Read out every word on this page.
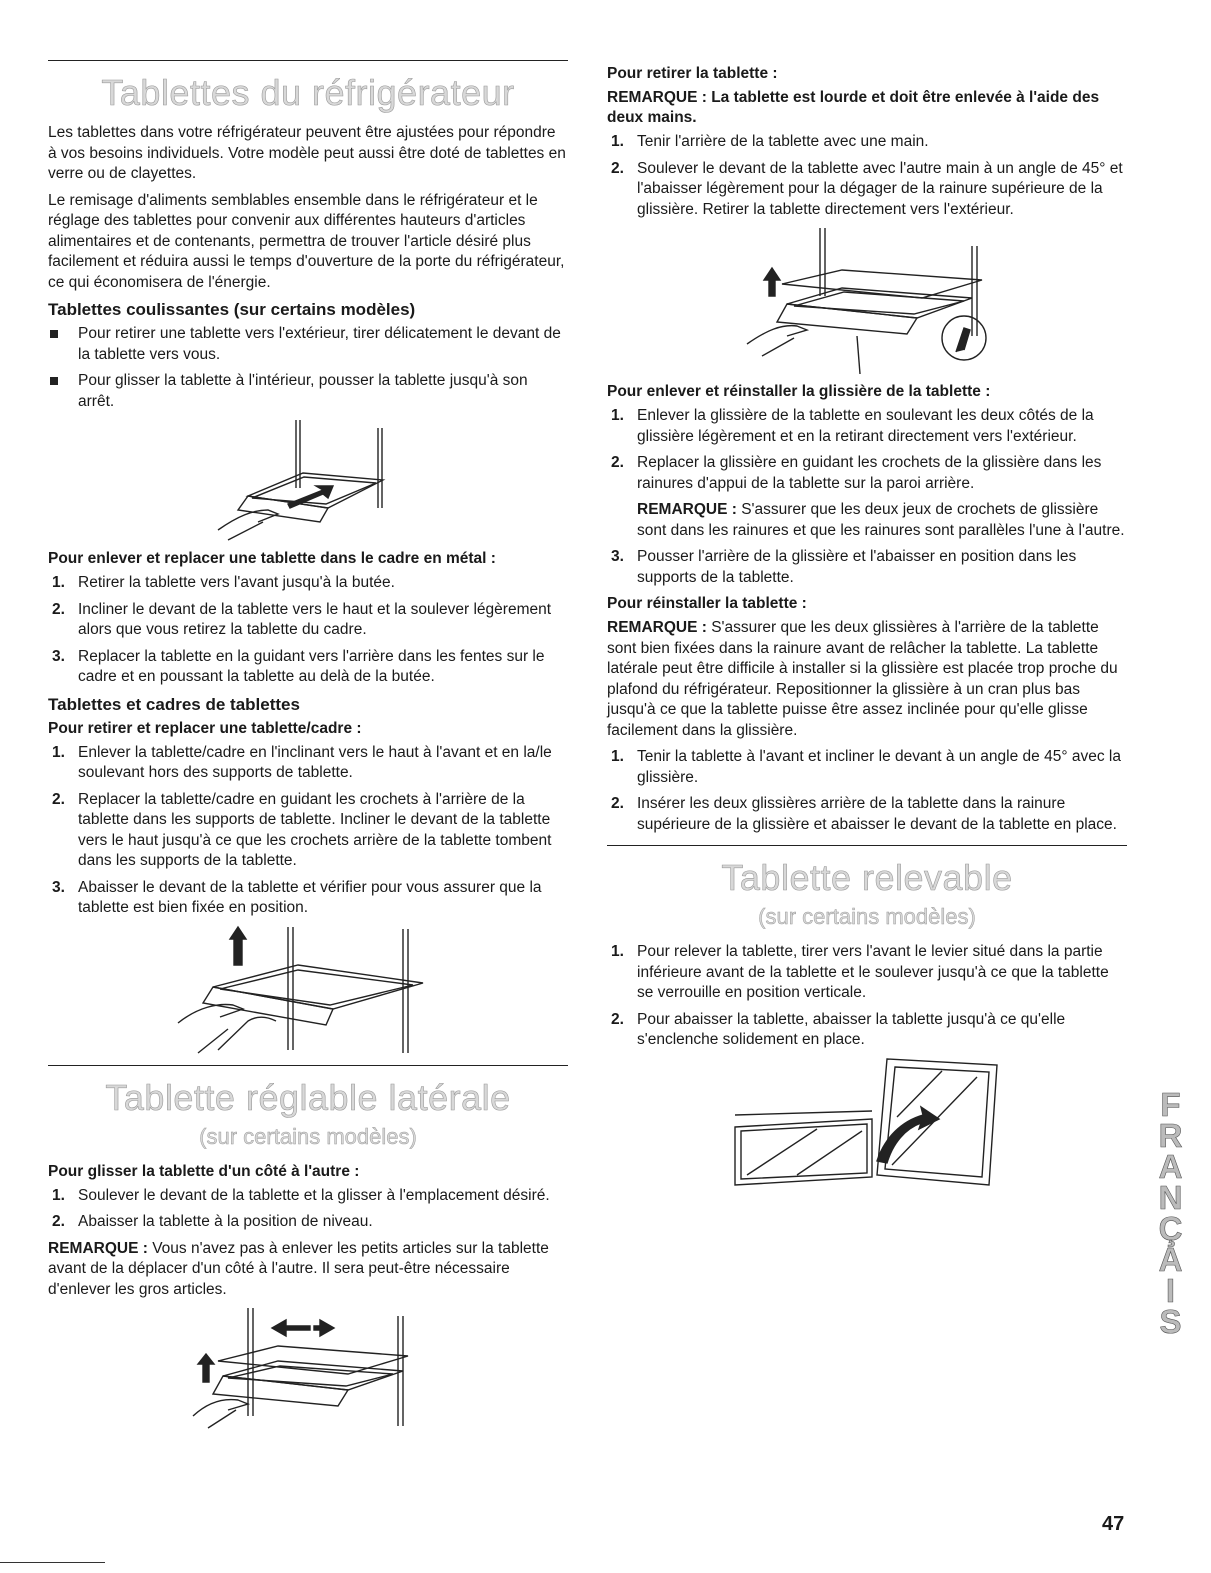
Tablettes du réfrigérateur

Les tablettes dans votre réfrigérateur peuvent être ajustées pour répondre à vos besoins individuels. Votre modèle peut aussi être doté de tablettes en verre ou de clayettes.

Le remisage d'aliments semblables ensemble dans le réfrigérateur et le réglage des tablettes pour convenir aux différentes hauteurs d'articles alimentaires et de contenants, permettra de trouver l'article désiré plus facilement et réduira aussi le temps d'ouverture de la porte du réfrigérateur, ce qui économisera de l'énergie.

Tablettes coulissantes (sur certains modèles)
Pour retirer une tablette vers l'extérieur, tirer délicatement le devant de la tablette vers vous.
Pour glisser la tablette à l'intérieur, pousser la tablette jusqu'à son arrêt.
Pour enlever et replacer une tablette dans le cadre en métal :
1. Retirer la tablette vers l'avant jusqu'à la butée.
2. Incliner le devant de la tablette vers le haut et la soulever légèrement alors que vous retirez la tablette du cadre.
3. Replacer la tablette en la guidant vers l'arrière dans les fentes sur le cadre et en poussant la tablette au delà de la butée.
Tablettes et cadres de tablettes
Pour retirer et replacer une tablette/cadre :
1. Enlever la tablette/cadre en l'inclinant vers le haut à l'avant et en la/le soulevant hors des supports de tablette.
2. Replacer la tablette/cadre en guidant les crochets à l'arrière de la tablette dans les supports de tablette. Incliner le devant de la tablette vers le haut jusqu'à ce que les crochets arrière de la tablette tombent dans les supports de la tablette.
3. Abaisser le devant de la tablette et vérifier pour vous assurer que la tablette est bien fixée en position.
Tablette réglable latérale
(sur certains modèles)
Pour glisser la tablette d'un côté à l'autre :
1. Soulever le devant de la tablette et la glisser à l'emplacement désiré.
2. Abaisser la tablette à la position de niveau.

REMARQUE : Vous n'avez pas à enlever les petits articles sur la tablette avant de la déplacer d'un côté à l'autre. Il sera peut-être nécessaire d'enlever les gros articles.

Pour retirer la tablette :
REMARQUE : La tablette est lourde et doit être enlevée à l'aide des deux mains.
1. Tenir l'arrière de la tablette avec une main.
2. Soulever le devant de la tablette avec l'autre main à un angle de 45° et l'abaisser légèrement pour la dégager de la rainure supérieure de la glissière. Retirer la tablette directement vers l'extérieur.
Pour enlever et réinstaller la glissière de la tablette :
1. Enlever la glissière de la tablette en soulevant les deux côtés de la glissière légèrement et en la retirant directement vers l'extérieur.
2. Replacer la glissière en guidant les crochets de la glissière dans les rainures d'appui de la tablette sur la paroi arrière.

REMARQUE : S'assurer que les deux jeux de crochets de glissière sont dans les rainures et que les rainures sont parallèles l'une à l'autre.

3. Pousser l'arrière de la glissière et l'abaisser en position dans les supports de la tablette.
Pour réinstaller la tablette :

REMARQUE : S'assurer que les deux glissières à l'arrière de la tablette sont bien fixées dans la rainure avant de relâcher la tablette. La tablette latérale peut être difficile à installer si la glissière est placée trop proche du plafond du réfrigérateur. Repositionner la glissière à un cran plus bas jusqu'à ce que la tablette puisse être assez inclinée pour qu'elle glisse facilement dans la glissière.

1. Tenir la tablette à l'avant et incliner le devant à un angle de 45° avec la glissière.
2. Insérer les deux glissières arrière de la tablette dans la rainure supérieure de la glissière et abaisser le devant de la tablette en place.
Tablette relevable
(sur certains modèles)
1. Pour relever la tablette, tirer vers l'avant le levier situé dans la partie inférieure avant de la tablette et le soulever jusqu'à ce que la tablette se verrouille en position verticale.
2. Pour abaisser la tablette, abaisser la tablette jusqu'à ce qu'elle s'enclenche solidement en place.
FRANÇAIS
47
